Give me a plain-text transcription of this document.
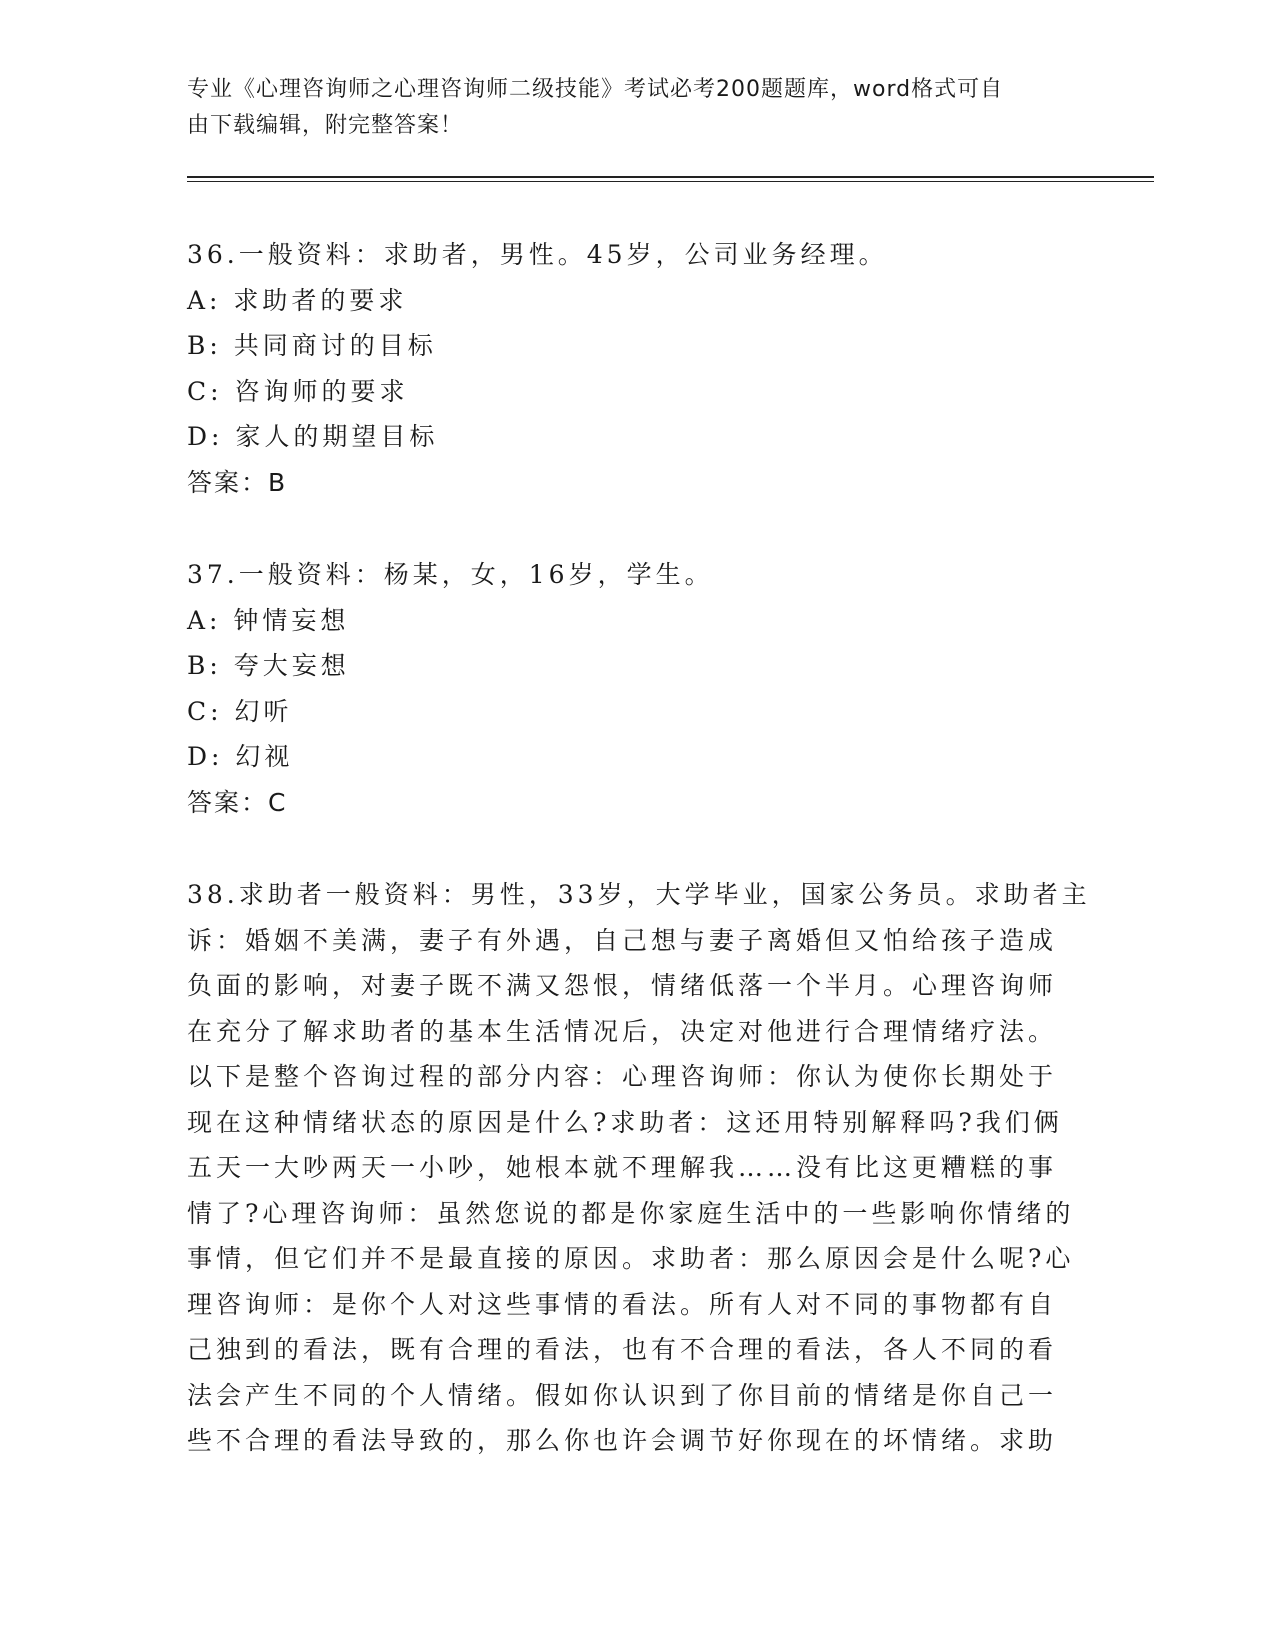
专业《心理咨询师之心理咨询师二级技能》考试必考200题题库，word格式可自
由下载编辑，附完整答案！
36.一般资料：求助者，男性。45岁，公司业务经理。
A: 求助者的要求
B: 共同商讨的目标
C: 咨询师的要求
D: 家人的期望目标
答案：B
37.一般资料：杨某，女，16岁，学生。
A: 钟情妄想
B: 夸大妄想
C: 幻听
D: 幻视
答案：C
38.求助者一般资料：男性，33岁，大学毕业，国家公务员。求助者主
诉：婚姻不美满，妻子有外遇，自己想与妻子离婚但又怕给孩子造成
负面的影响，对妻子既不满又怨恨，情绪低落一个半月。心理咨询师
在充分了解求助者的基本生活情况后，决定对他进行合理情绪疗法。
以下是整个咨询过程的部分内容：心理咨询师：你认为使你长期处于
现在这种情绪状态的原因是什么?求助者：这还用特别解释吗?我们俩
五天一大吵两天一小吵，她根本就不理解我……没有比这更糟糕的事
情了?心理咨询师：虽然您说的都是你家庭生活中的一些影响你情绪的
事情，但它们并不是最直接的原因。求助者：那么原因会是什么呢?心
理咨询师：是你个人对这些事情的看法。所有人对不同的事物都有自
己独到的看法，既有合理的看法，也有不合理的看法，各人不同的看
法会产生不同的个人情绪。假如你认识到了你目前的情绪是你自己一
些不合理的看法导致的，那么你也许会调节好你现在的坏情绪。求助
